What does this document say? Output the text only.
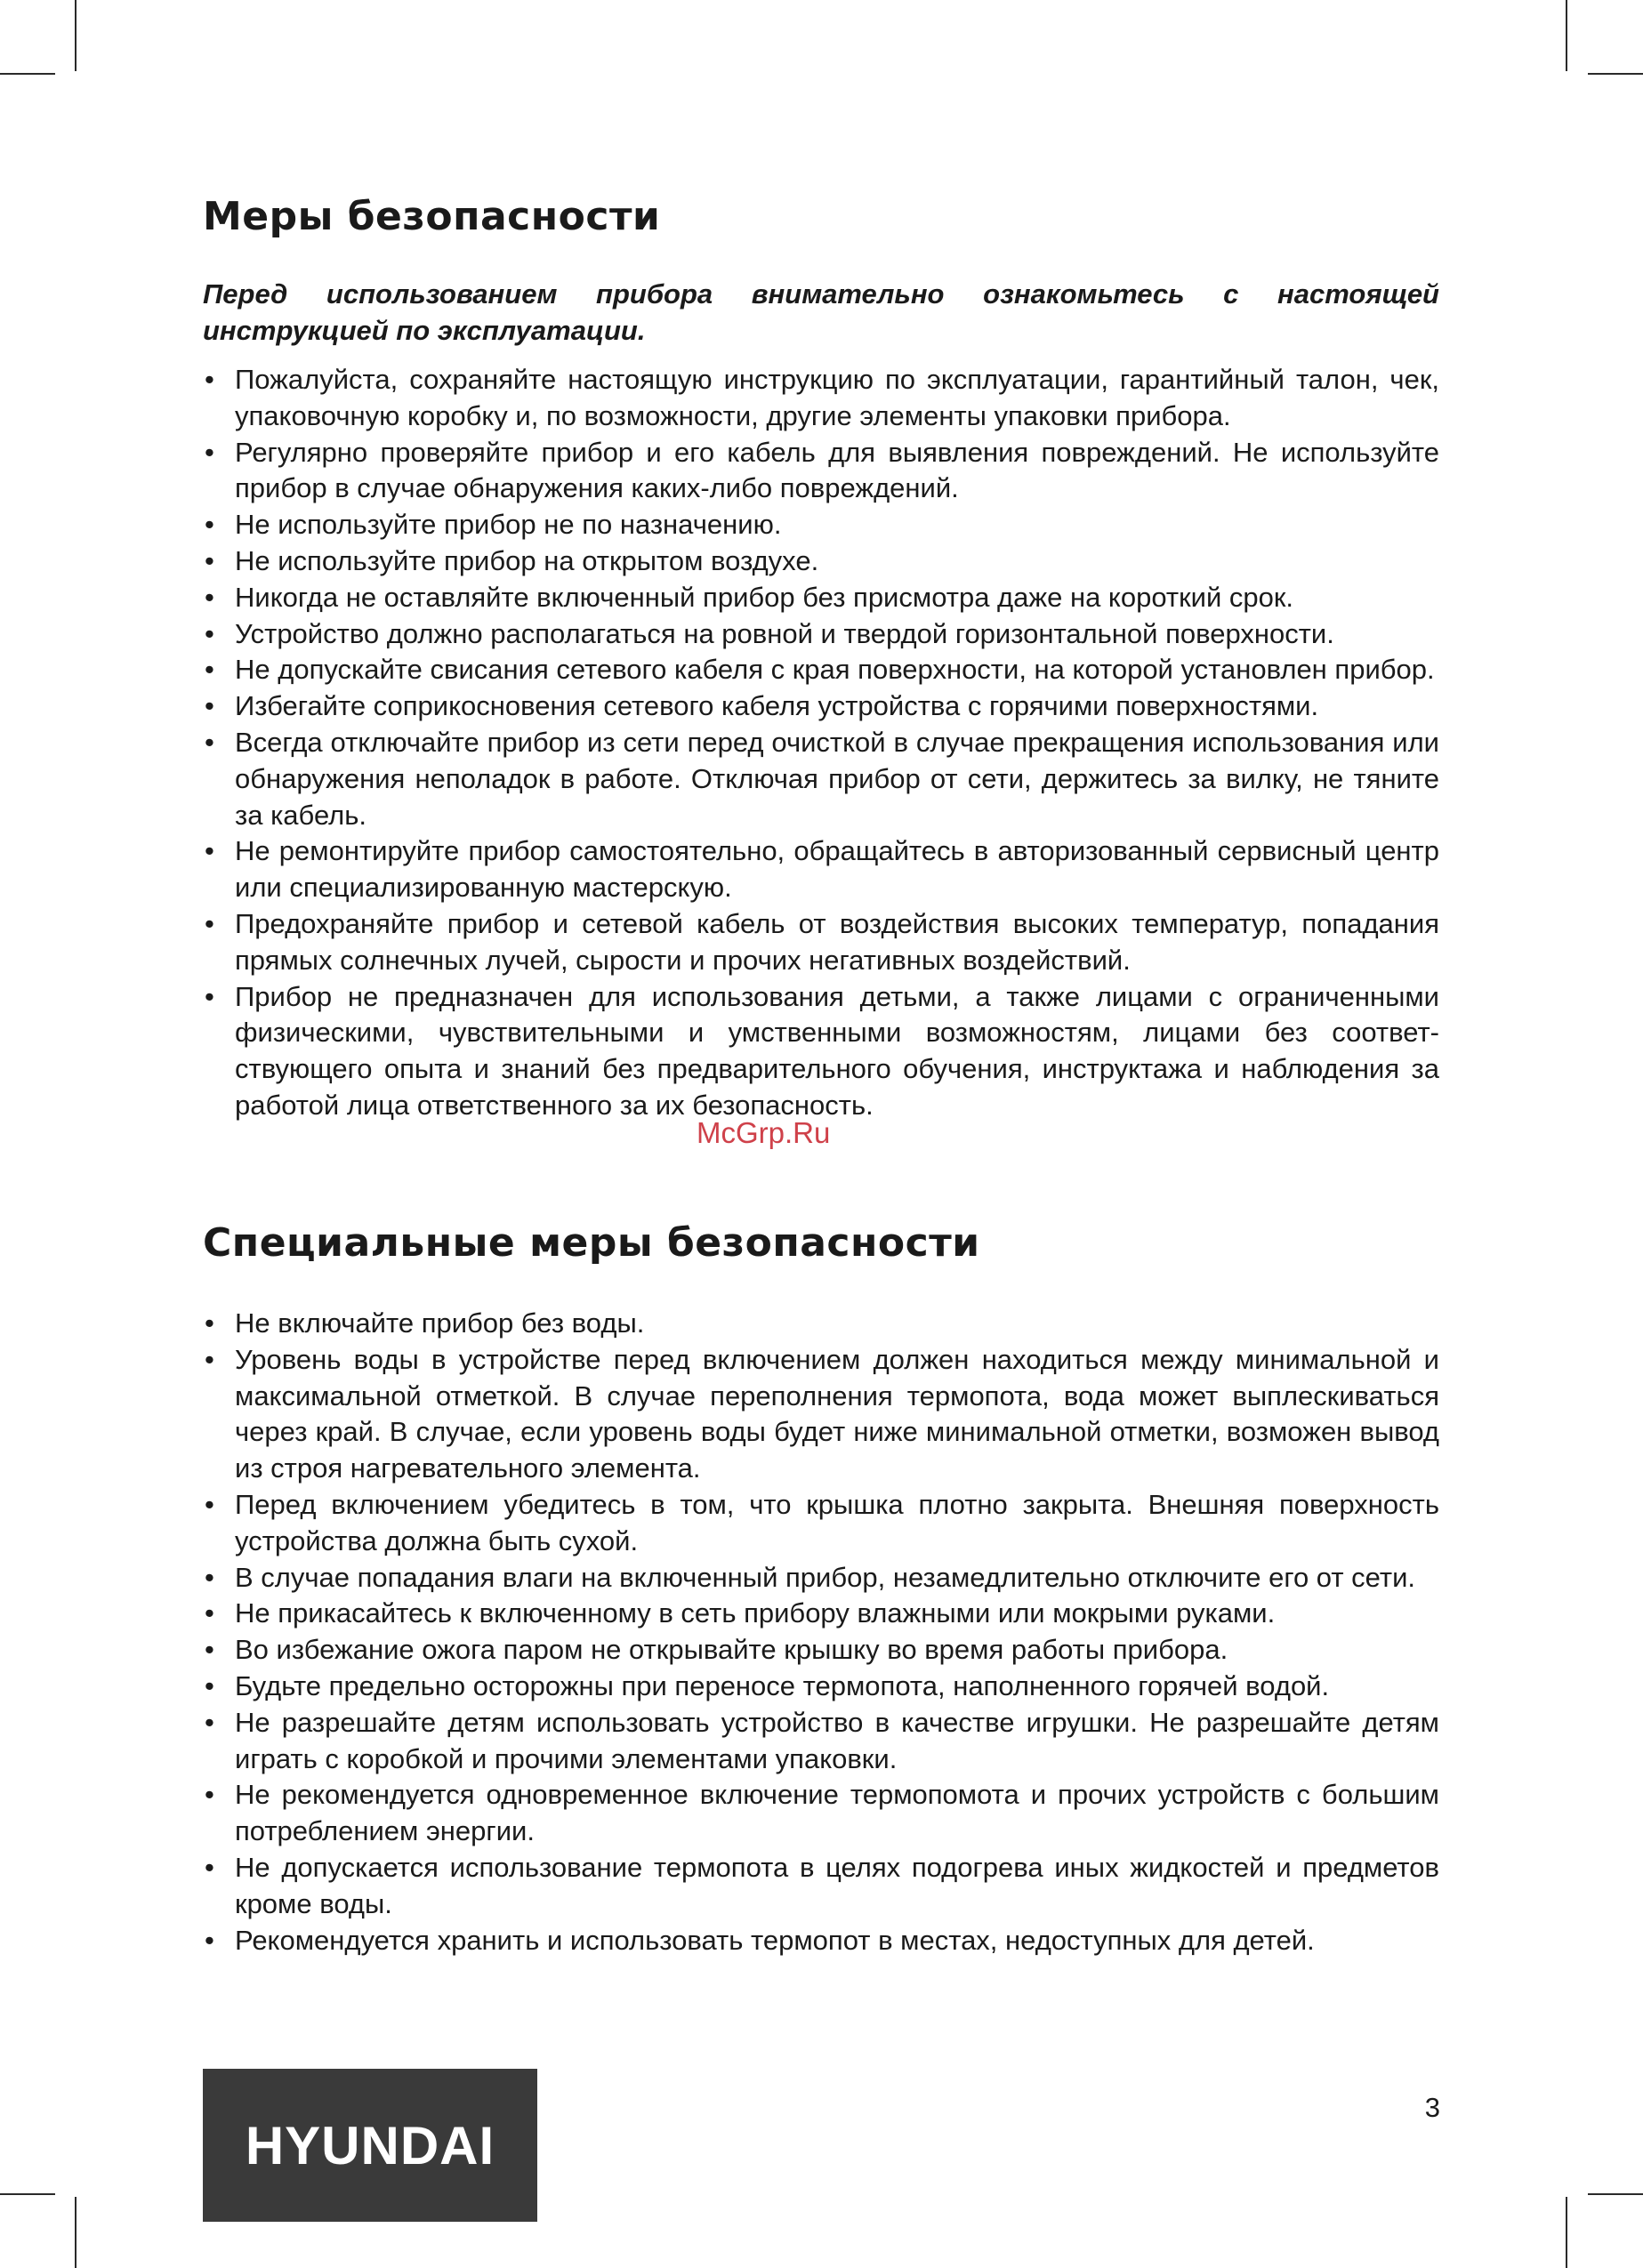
Меры безопасности

Перед использованием прибора внимательно ознакомьтесь с настоящей инструкцией по эксплуатации.

• Пожалуйста, сохраняйте настоящую инструкцию по эксплуатации, гарантийный талон, чек, упаковочную коробку и, по возможности, другие элементы упаковки прибора.
• Регулярно проверяйте прибор и его кабель для выявления повреждений. Не используйте прибор в случае обнаружения каких-либо повреждений.
• Не используйте прибор не по назначению.
• Не используйте прибор на открытом воздухе.
• Никогда не оставляйте включенный прибор без присмотра даже на короткий срок.
• Устройство должно располагаться на ровной и твердой горизонтальной поверхности.
• Не допускайте свисания сетевого кабеля с края поверхности, на которой установлен прибор.
• Избегайте соприкосновения сетевого кабеля устройства с горячими поверхностями.
• Всегда отключайте прибор из сети перед очисткой в случае прекращения использования или обнаружения неполадок в работе. Отключая прибор от сети, держитесь за вилку, не тяните за кабель.
• Не ремонтируйте прибор самостоятельно, обращайтесь в авторизованный сервисный центр или специализированную мастерскую.
• Предохраняйте прибор и сетевой кабель от воздействия высоких температур, попадания прямых солнечных лучей, сырости и прочих негативных воздействий.
• Прибор не предназначен для использования детьми, а также лицами с ограниченными физическими, чувствительными и умственными возможностям, лицами без соответствующего опыта и знаний без предварительного обучения, инструктажа и наблюдения за работой лица ответственного за их безопасность.
Специальные меры безопасности
• Не включайте прибор без воды.
• Уровень воды в устройстве перед включением должен находиться между минимальной и максимальной отметкой. В случае переполнения термопота, вода может выплескиваться через край. В случае, если уровень воды будет ниже минимальной отметки, возможен вывод из строя нагревательного элемента.
• Перед включением убедитесь в том, что крышка плотно закрыта. Внешняя поверхность устройства должна быть сухой.
• В случае попадания влаги на включенный прибор, незамедлительно отключите его от сети.
• Не прикасайтесь к включенному в сеть прибору влажными или мокрыми руками.
• Во избежание ожога паром не открывайте крышку во время работы прибора.
• Будьте предельно осторожны при переносе термопота, наполненного горячей водой.
• Не разрешайте детям использовать устройство в качестве игрушки. Не разрешайте детям играть с коробкой и прочими элементами упаковки.
• Не рекомендуется одновременное включение термопомота и прочих устройств с большим потреблением энергии.
• Не допускается использование термопота в целях подогрева иных жидкостей и предметов кроме воды.
• Рекомендуется хранить и использовать термопот в местах, недоступных для детей.
McGrp.Ru
HYUNDAI
3
